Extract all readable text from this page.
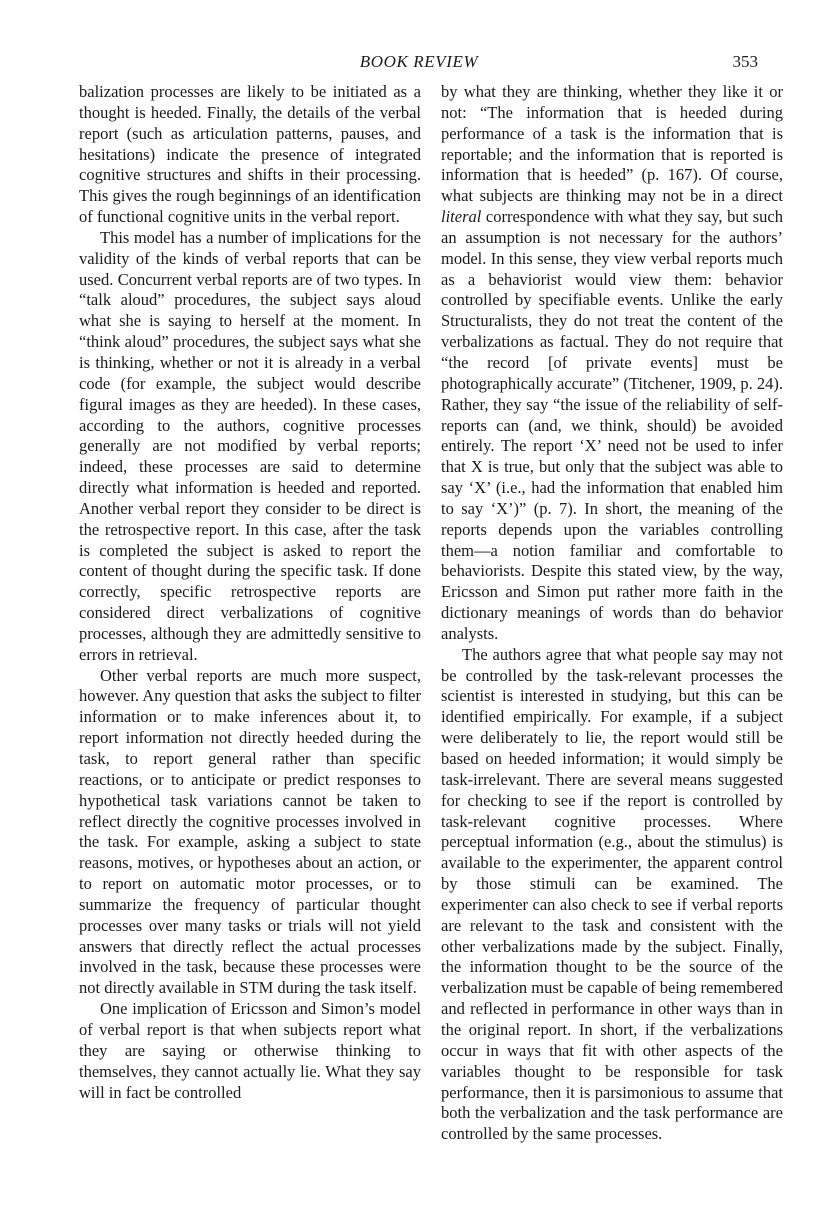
BOOK REVIEW	353

balization processes are likely to be initiated as a thought is heeded. Finally, the details of the verbal report (such as articulation patterns, pauses, and hesitations) indicate the presence of integrated cognitive structures and shifts in their processing. This gives the rough beginnings of an identification of functional cognitive units in the verbal report.

This model has a number of implications for the validity of the kinds of verbal reports that can be used. Concurrent verbal reports are of two types. In “talk aloud” procedures, the subject says aloud what she is saying to herself at the moment. In “think aloud” procedures, the subject says what she is thinking, whether or not it is already in a verbal code (for example, the subject would describe figural images as they are heeded). In these cases, according to the authors, cognitive processes generally are not modified by verbal reports; indeed, these processes are said to determine directly what information is heeded and reported. Another verbal report they consider to be direct is the retrospective report. In this case, after the task is completed the subject is asked to report the content of thought during the specific task. If done correctly, specific retrospective reports are considered direct verbalizations of cognitive processes, although they are admittedly sensitive to errors in retrieval.

Other verbal reports are much more suspect, however. Any question that asks the subject to filter information or to make inferences about it, to report information not directly heeded during the task, to report general rather than specific reactions, or to anticipate or predict responses to hypothetical task variations cannot be taken to reflect directly the cognitive processes involved in the task. For example, asking a subject to state reasons, motives, or hypotheses about an action, or to report on automatic motor processes, or to summarize the frequency of particular thought processes over many tasks or trials will not yield answers that directly reflect the actual processes involved in the task, because these processes were not directly available in STM during the task itself.

One implication of Ericsson and Simon’s model of verbal report is that when subjects report what they are saying or otherwise thinking to themselves, they cannot actually lie. What they say will in fact be controlled

by what they are thinking, whether they like it or not: “The information that is heeded during performance of a task is the information that is reportable; and the information that is reported is information that is heeded” (p. 167). Of course, what subjects are thinking may not be in a direct literal correspondence with what they say, but such an assumption is not necessary for the authors’ model. In this sense, they view verbal reports much as a behaviorist would view them: behavior controlled by specifiable events. Unlike the early Structuralists, they do not treat the content of the verbalizations as factual. They do not require that “the record [of private events] must be photographically accurate” (Titchener, 1909, p. 24). Rather, they say “the issue of the reliability of self-reports can (and, we think, should) be avoided entirely. The report ‘X’ need not be used to infer that X is true, but only that the subject was able to say ‘X’ (i.e., had the information that enabled him to say ‘X’)” (p. 7). In short, the meaning of the reports depends upon the variables controlling them—a notion familiar and comfortable to behaviorists. Despite this stated view, by the way, Ericsson and Simon put rather more faith in the dictionary meanings of words than do behavior analysts.

The authors agree that what people say may not be controlled by the task-relevant processes the scientist is interested in studying, but this can be identified empirically. For example, if a subject were deliberately to lie, the report would still be based on heeded information; it would simply be task-irrelevant. There are several means suggested for checking to see if the report is controlled by task-relevant cognitive processes. Where perceptual information (e.g., about the stimulus) is available to the experimenter, the apparent control by those stimuli can be examined. The experimenter can also check to see if verbal reports are relevant to the task and consistent with the other verbalizations made by the subject. Finally, the information thought to be the source of the verbalization must be capable of being remembered and reflected in performance in other ways than in the original report. In short, if the verbalizations occur in ways that fit with other aspects of the variables thought to be responsible for task performance, then it is parsimonious to assume that both the verbalization and the task performance are controlled by the same processes.
